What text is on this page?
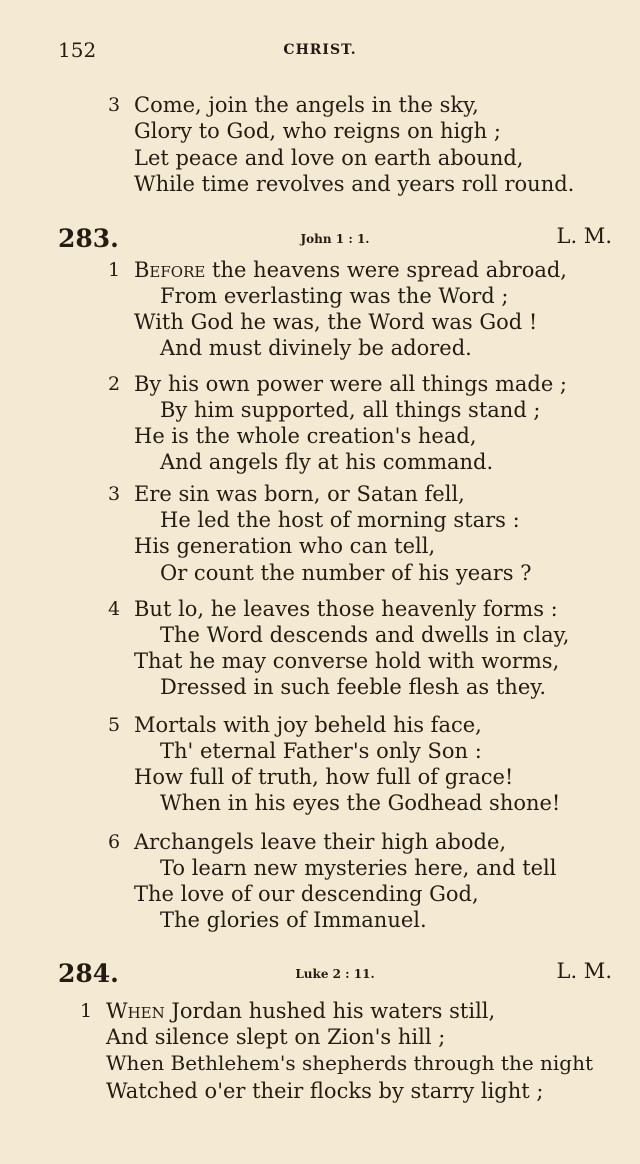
152	CHRIST.
3 Come, join the angels in the sky,
Glory to God, who reigns on high ;
Let peace and love on earth abound,
While time revolves and years roll round.
283.	John 1 : 1.	L. M.
1 Before the heavens were spread abroad,
From everlasting was the Word ;
With God he was, the Word was God !
And must divinely be adored.
2 By his own power were all things made ;
By him supported, all things stand ;
He is the whole creation's head,
And angels fly at his command.
3 Ere sin was born, or Satan fell,
He led the host of morning stars :
His generation who can tell,
Or count the number of his years ?
4 But lo, he leaves those heavenly forms :
The Word descends and dwells in clay,
That he may converse hold with worms,
Dressed in such feeble flesh as they.
5 Mortals with joy beheld his face,
Th' eternal Father's only Son :
How full of truth, how full of grace!
When in his eyes the Godhead shone!
6 Archangels leave their high abode,
To learn new mysteries here, and tell
The love of our descending God,
The glories of Immanuel.
284.	Luke 2 : 11.	L. M.
1 When Jordan hushed his waters still,
And silence slept on Zion's hill ;
When Bethlehem's shepherds through the night
Watched o'er their flocks by starry light ;
